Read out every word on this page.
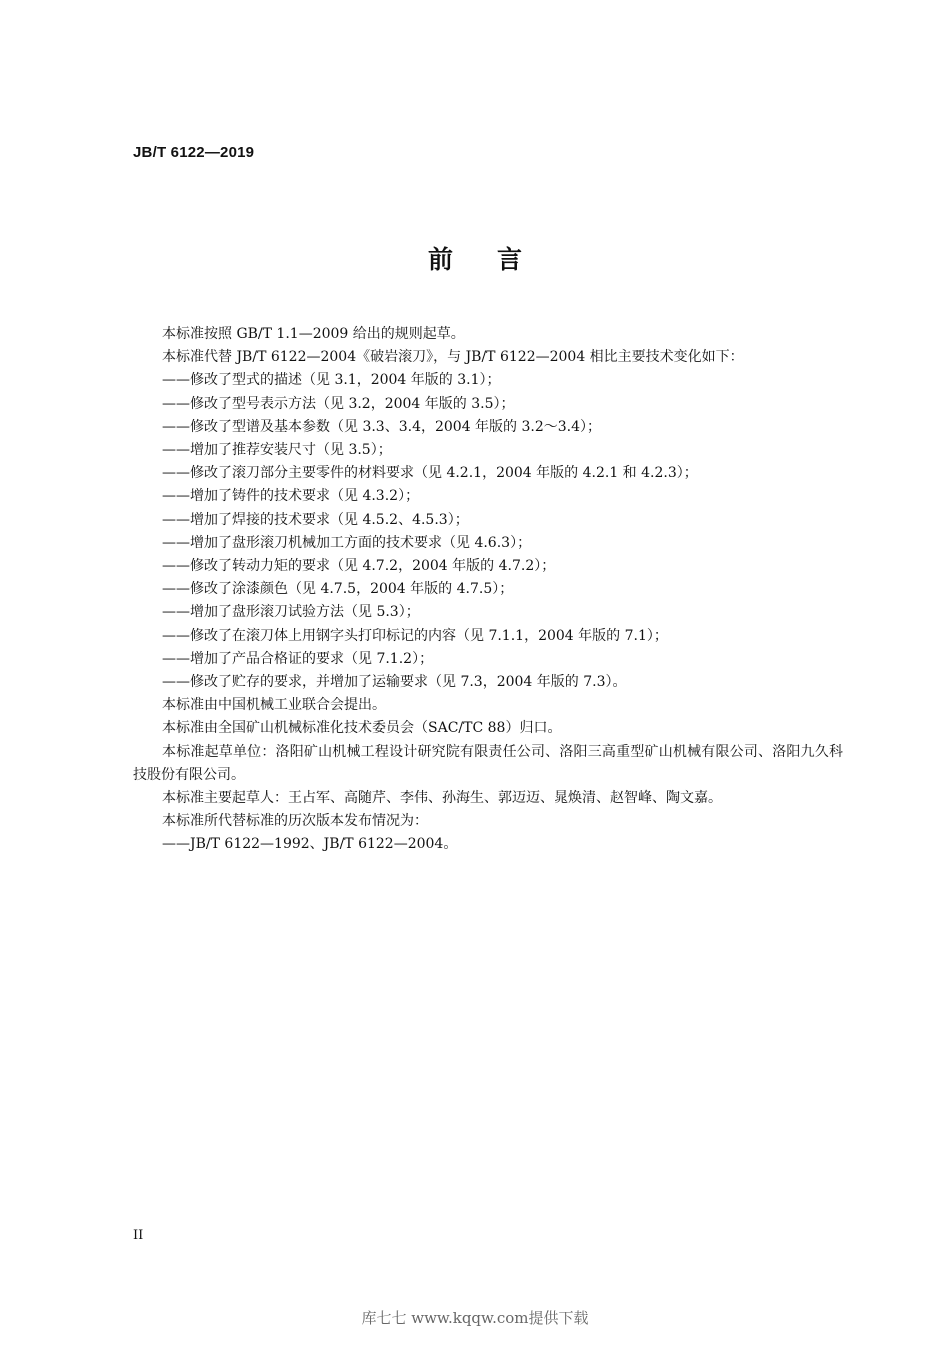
JB/T 6122—2019
前言

本标准按照 GB/T 1.1—2009 给出的规则起草。

本标准代替 JB/T 6122—2004《破岩滚刀》，与 JB/T 6122—2004 相比主要技术变化如下：

——修改了型式的描述（见 3.1，2004 年版的 3.1）；

——修改了型号表示方法（见 3.2，2004 年版的 3.5）；

——修改了型谱及基本参数（见 3.3、3.4，2004 年版的 3.2～3.4）；

——增加了推荐安装尺寸（见 3.5）；

——修改了滚刀部分主要零件的材料要求（见 4.2.1，2004 年版的 4.2.1 和 4.2.3）；

——增加了铸件的技术要求（见 4.3.2）；

——增加了焊接的技术要求（见 4.5.2、4.5.3）；

——增加了盘形滚刀机械加工方面的技术要求（见 4.6.3）；

——修改了转动力矩的要求（见 4.7.2，2004 年版的 4.7.2）；

——修改了涂漆颜色（见 4.7.5，2004 年版的 4.7.5）；

——增加了盘形滚刀试验方法（见 5.3）；

——修改了在滚刀体上用钢字头打印标记的内容（见 7.1.1，2004 年版的 7.1）；

——增加了产品合格证的要求（见 7.1.2）；

——修改了贮存的要求，并增加了运输要求（见 7.3，2004 年版的 7.3）。

本标准由中国机械工业联合会提出。

本标准由全国矿山机械标准化技术委员会（SAC/TC 88）归口。

本标准起草单位：洛阳矿山机械工程设计研究院有限责任公司、洛阳三高重型矿山机械有限公司、洛阳九久科技股份有限公司。

本标准主要起草人：王占军、高随芹、李伟、孙海生、郭迈迈、晁焕清、赵智峰、陶文嘉。

本标准所代替标准的历次版本发布情况为：

——JB/T 6122—1992、JB/T 6122—2004。

II
库七七 www.kqqw.com提供下载
